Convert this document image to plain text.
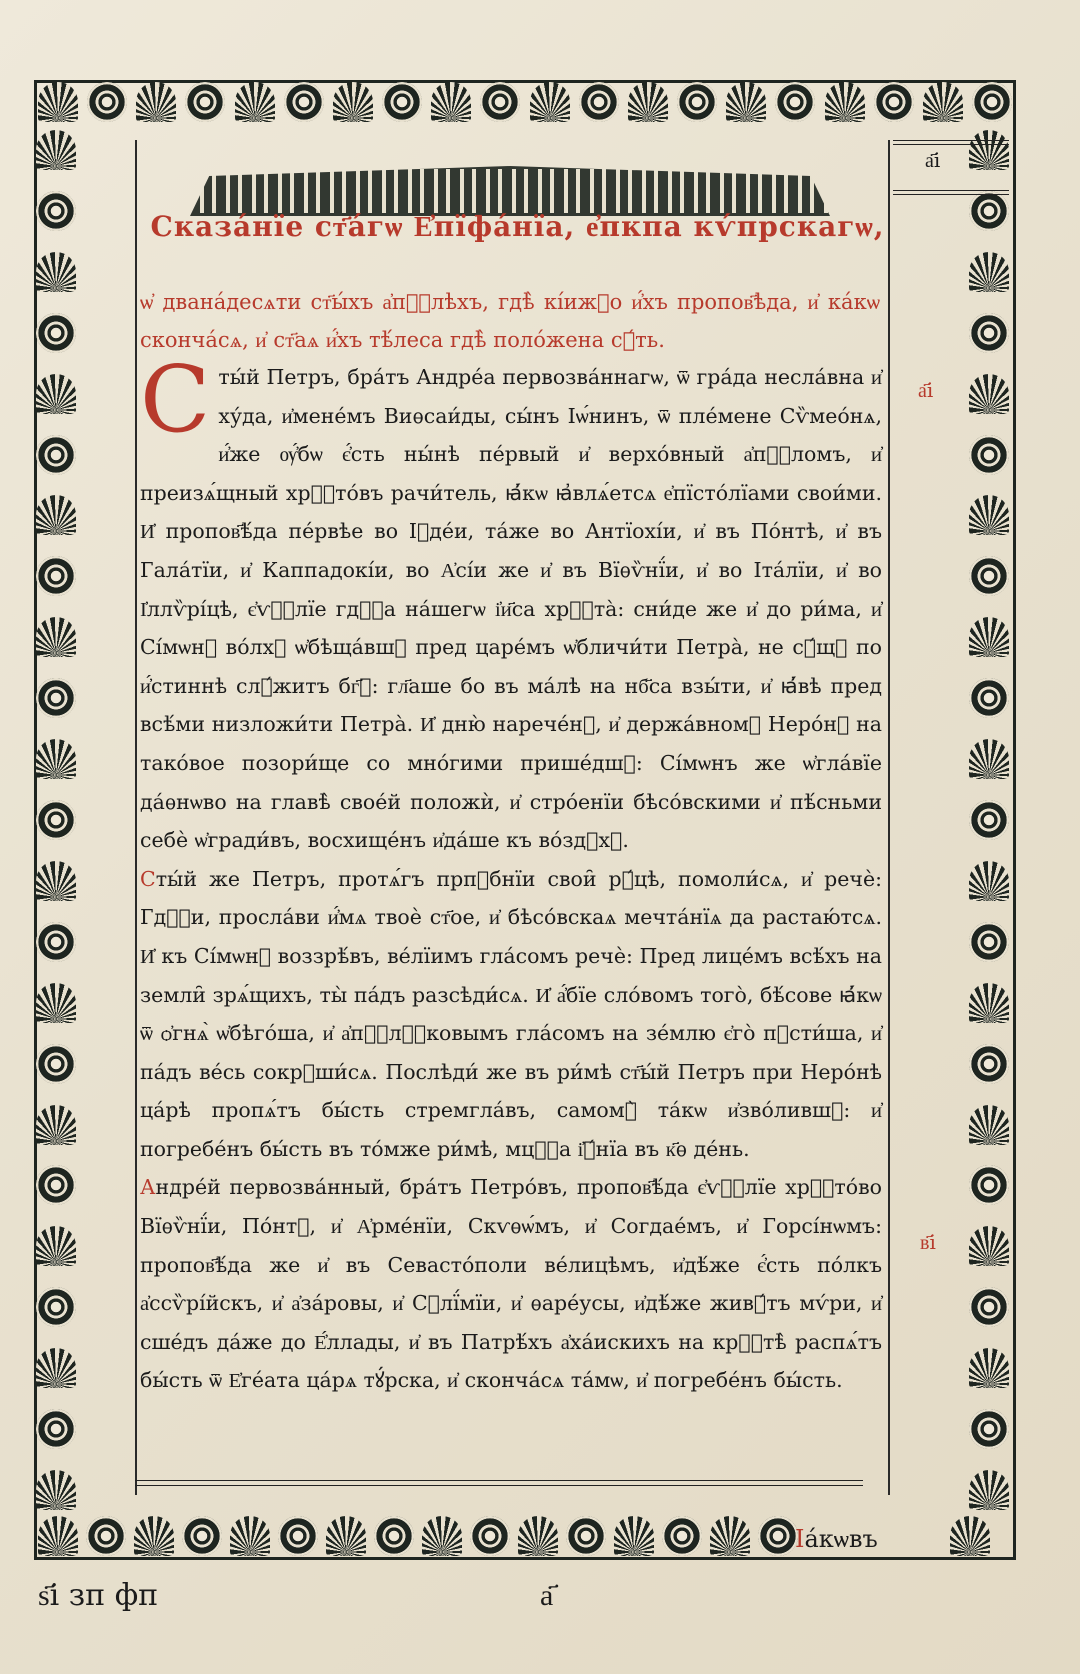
Сказа́нїе ст҃а́гѡ Е҆пїфа́нїа, е҆пкпа кѵ́прскагѡ,

ѡ҆ двана́десѧти ст҃ы́хъ а҆пⷭ҇лѣхъ, гдѣ̀ кі́ижⷣо и҆́хъ пропов҃ѣда, и҆ ка́кѡ сконча́сѧ, и҆ ст҃аѧ и҆́хъ тѣ́леса гдѣ̀ поло́жена сꙋ́ть.

Сты́й Петръ, бра́тъ Андре́а первозва́ннагѡ, ѿ гра́да несла́вна и҆ ху́да, и҆мене́мъ Виѳсаи́ды, сы́нъ Іѡ́нинъ, ѿ пле́мене Сѷмео́нѧ, и҆́же ѹ҆́бѡ є҆́сть ны́нѣ пе́рвый и҆ верхо́вный а҆пⷭ҇ломъ, и҆ преизѧ́щный хрⷭ҇то́въ рачи́тель, ꙗ҆́кѡ ꙗ҆влѧ́етсѧ е҆пїсто́лїами свои́ми. И҆ пропов҃ѣ́да пе́рвѣе во Іꙋде́и, та́же во Антїохі́и, и҆ въ По́нтѣ, и҆ въ Гала́тїи, и҆ Каппадокі́и, во А҆сі́и же и҆ въ Вїѳѷнї́и, и҆ во Іта́лїи, и҆ во І҆ллѷрі́цѣ, є҆ѵⷢ҇лїе гдⷭ҇а на́шегѡ і҆и҃са хрⷭ҇та̀: сни́де же и҆ до ри́ма, и҆ Сі́мѡнꙋ во́лхꙋ ѡ҆бѣща́вшꙋ пред царе́мъ ѡ҆бличи́ти Петра̀, не сꙋ́щꙋ по и҆́стиннѣ слꙋ́житъ бг҃ꙋ: гл҃аше бо въ ма́лѣ на нб҃са взы́ти, и҆ ꙗ҆́вѣ пред всѣ́ми низложи́ти Петра̀. И҆ дню̀ нарече́нꙋ, и҆ держа́вномꙋ Неро́нꙋ на тако́вое позори́ще со мно́гими прише́дшꙋ: Сі́мѡнъ же ѡ҆гла́вїе да́ѳнѡво на главѣ̀ свое́й положѝ, и҆ стро́енїи бѣсо́вскими и҆ пѣ́сньми себѐ ѡ҆гради́въ, восхище́нъ и҆да́ше къ во́здꙋхꙋ.
Сты́й же Петръ, протѧ́гъ прпⷣбнїи свои̑ рꙋ́цѣ, помоли́сѧ, и҆ речѐ: Гдⷭ҇и, просла́ви и҆́мѧ твоѐ ст҃ое, и҆ бѣсо́вскаѧ мечта́нїѧ да растаю́тсѧ. И҆ къ Сі́мѡнꙋ воззрѣ́въ, ве́лїимъ гла́сомъ речѐ: Пред лице́мъ всѣ́хъ на земли̑ зрѧ́щихъ, ты̀ па́дъ разсѣди́сѧ. И҆ а҆́бїе сло́вомъ того̀, бѣ́сове ꙗ҆́кѡ ѿ ѻ҆гнѧ̀ ѡ҆бѣго́ша, и҆ а҆пⷭ҇лⷭ҇ковымъ гла́сомъ на зе́млю є҆го̀ пꙋсти́ша, и҆ па́дъ ве́сь сокрꙋши́сѧ. Послѣди́ же въ ри́мѣ ст҃ы́й Петръ при Неро́нѣ ца́рѣ пропѧ́тъ бы́сть стремгла́въ, самомꙋ̀ та́кѡ и҆зво́лившꙋ: и҆ погребе́нъ бы́сть въ то́мже ри́мѣ, мцⷭ҇а і҆ꙋ́нїа въ к҃ѳ де́нь.
Андре́й первозва́нный, бра́тъ Петро́въ, пропов҃ѣ́да є҆ѵⷢ҇лїе хрⷭ҇то́во Вїѳѷнї́и, По́нтꙋ, и҆ А҆рме́нїи, Скѵѳѡ́мъ, и҆ Согдае́мъ, и҆ Горсі́нѡмъ: пропов҃ѣ́да же и҆ въ Севасто́поли ве́лицѣмъ, и҆дѣ́же є҆́сть по́лкъ а҆ссѷрі́йскъ, и҆ а҆за́ровы, и҆ Сꙋлї́мїи, и҆ ѳаре́усы, и҆дѣ́же живꙋ́тъ мѵ́ри, и҆ сше́дъ да́же до Е҆́ллады, и҆ въ Патрѣ́хъ а҆ха́искихъ на крⷭ҇тѣ̀ распѧ́тъ бы́сть ѿ Е҆гéата ца́рѧ тꙋ́рска, и҆ сконча́сѧ та́мѡ, и҆ погребе́нъ бы́сть.
а҃і
а҃і
в҃і
Іа́кѡвъ
ѕ҃і зп фп	а҃
